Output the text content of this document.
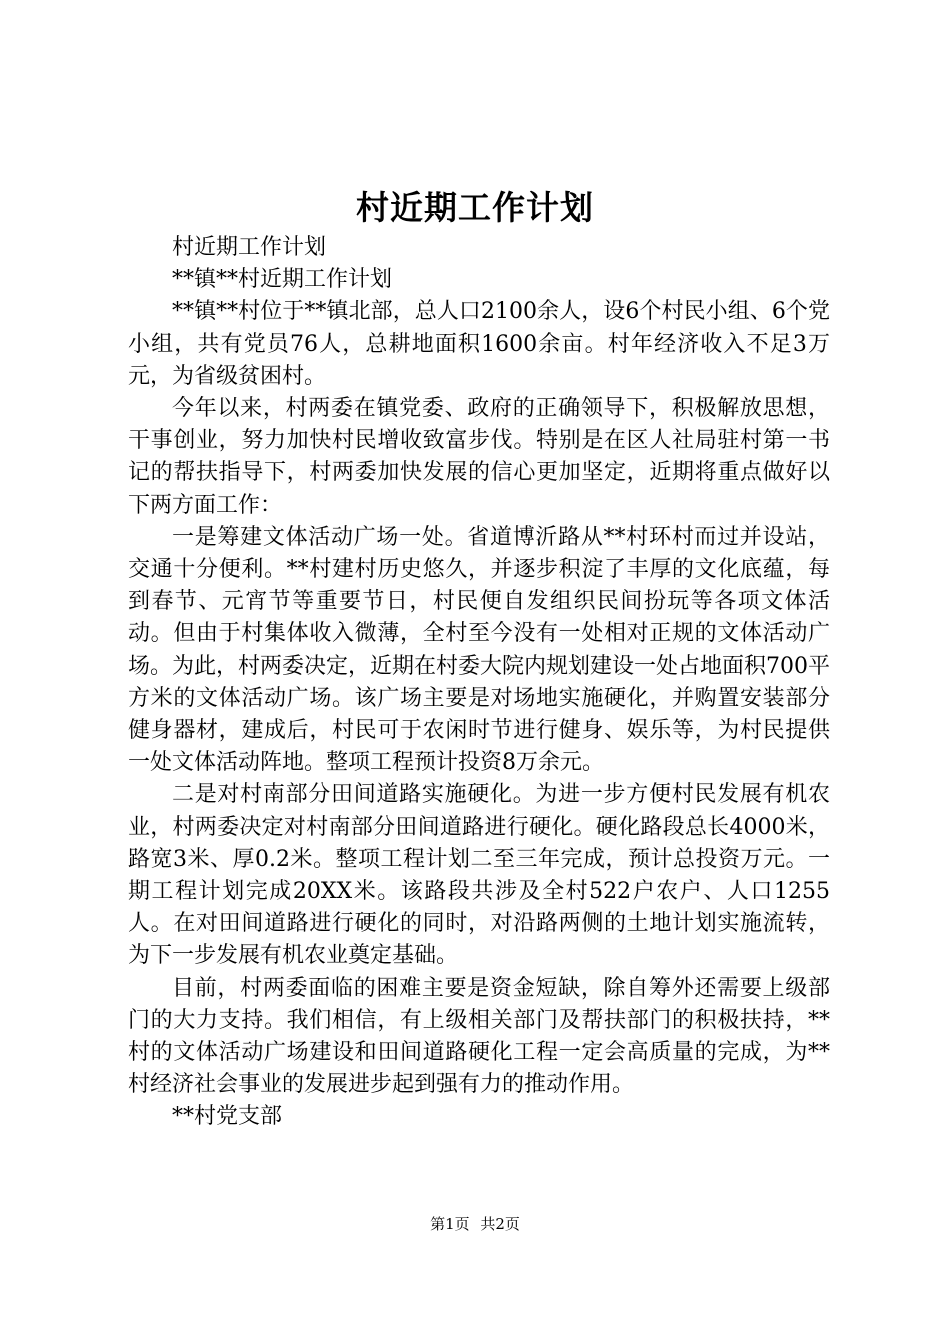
村近期工作计划

村近期工作计划

**镇**村近期工作计划

**镇**村位于**镇北部，总人口2100余人，设6个村民小组、6个党小组，共有党员76人，总耕地面积1600余亩。村年经济收入不足3万元，为省级贫困村。

今年以来，村两委在镇党委、政府的正确领导下，积极解放思想，干事创业，努力加快村民增收致富步伐。特别是在区人社局驻村第一书记的帮扶指导下，村两委加快发展的信心更加坚定，近期将重点做好以下两方面工作：

一是筹建文体活动广场一处。省道博沂路从**村环村而过并设站，交通十分便利。**村建村历史悠久，并逐步积淀了丰厚的文化底蕴，每到春节、元宵节等重要节日，村民便自发组织民间扮玩等各项文体活动。但由于村集体收入微薄，全村至今没有一处相对正规的文体活动广场。为此，村两委决定，近期在村委大院内规划建设一处占地面积700平方米的文体活动广场。该广场主要是对场地实施硬化，并购置安装部分健身器材，建成后，村民可于农闲时节进行健身、娱乐等，为村民提供一处文体活动阵地。整项工程预计投资8万余元。

二是对村南部分田间道路实施硬化。为进一步方便村民发展有机农业，村两委决定对村南部分田间道路进行硬化。硬化路段总长4000米，路宽3米、厚0.2米。整项工程计划二至三年完成，预计总投资万元。一期工程计划完成20XX米。该路段共涉及全村522户农户、人口1255人。在对田间道路进行硬化的同时，对沿路两侧的土地计划实施流转，为下一步发展有机农业奠定基础。

目前，村两委面临的困难主要是资金短缺，除自筹外还需要上级部门的大力支持。我们相信，有上级相关部门及帮扶部门的积极扶持，**村的文体活动广场建设和田间道路硬化工程一定会高质量的完成，为**村经济社会事业的发展进步起到强有力的推动作用。

**村党支部

第1页 共2页
